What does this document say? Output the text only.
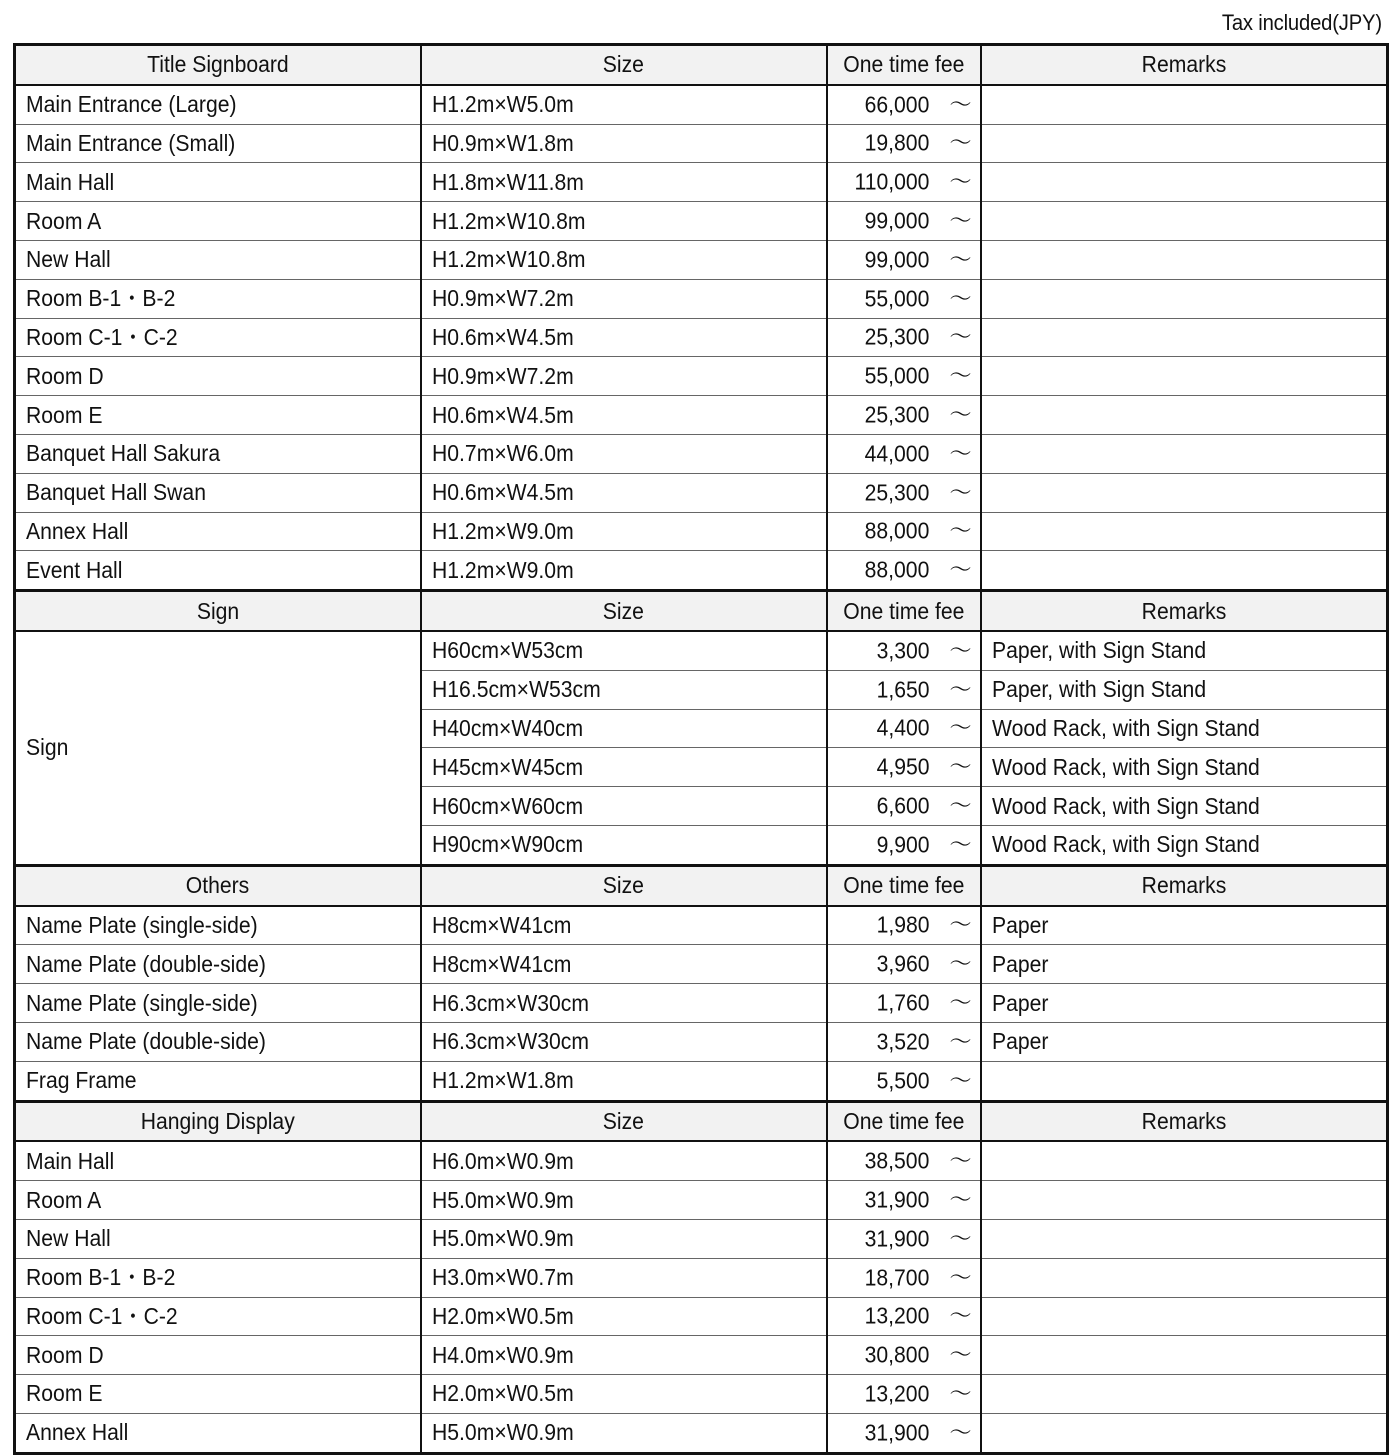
Tax included(JPY)
Title Signboard	Size	One time fee	Remarks
Main Entrance (Large)	H1.2m×W5.0m	66,000 ～	

Main Entrance (Small)	H0.9m×W1.8m	19,800 ～	

Main Hall	H1.8m×W11.8m	110,000 ～	

Room A	H1.2m×W10.8m	99,000 ～	

New Hall	H1.2m×W10.8m	99,000 ～	

Room B-1・B-2	H0.9m×W7.2m	55,000 ～	

Room C-1・C-2	H0.6m×W4.5m	25,300 ～	

Room D	H0.9m×W7.2m	55,000 ～	

Room E	H0.6m×W4.5m	25,300 ～	

Banquet Hall Sakura	H0.7m×W6.0m	44,000 ～	

Banquet Hall Swan	H0.6m×W4.5m	25,300 ～	

Annex Hall	H1.2m×W9.0m	88,000 ～	

Event Hall	H1.2m×W9.0m	88,000 ～	

Sign	Size	One time fee	Remarks
Sign	H60cm×W53cm	3,300 ～	Paper, with Sign Stand
	H16.5cm×W53cm	1,650 ～	Paper, with Sign Stand
	H40cm×W40cm	4,400 ～	Wood Rack, with Sign Stand
	H45cm×W45cm	4,950 ～	Wood Rack, with Sign Stand
	H60cm×W60cm	6,600 ～	Wood Rack, with Sign Stand
	H90cm×W90cm	9,900 ～	Wood Rack, with Sign Stand
Others	Size	One time fee	Remarks
Name Plate (single-side)	H8cm×W41cm	1,980 ～	Paper
Name Plate (double-side)	H8cm×W41cm	3,960 ～	Paper
Name Plate (single-side)	H6.3cm×W30cm	1,760 ～	Paper
Name Plate (double-side)	H6.3cm×W30cm	3,520 ～	Paper
Frag Frame	H1.2m×W1.8m	5,500 ～	

Hanging Display	Size	One time fee	Remarks
Main Hall	H6.0m×W0.9m	38,500 ～	

Room A	H5.0m×W0.9m	31,900 ～	

New Hall	H5.0m×W0.9m	31,900 ～	

Room B-1・B-2	H3.0m×W0.7m	18,700 ～	

Room C-1・C-2	H2.0m×W0.5m	13,200 ～	

Room D	H4.0m×W0.9m	30,800 ～	

Room E	H2.0m×W0.5m	13,200 ～	

Annex Hall	H5.0m×W0.9m	31,900 ～	
